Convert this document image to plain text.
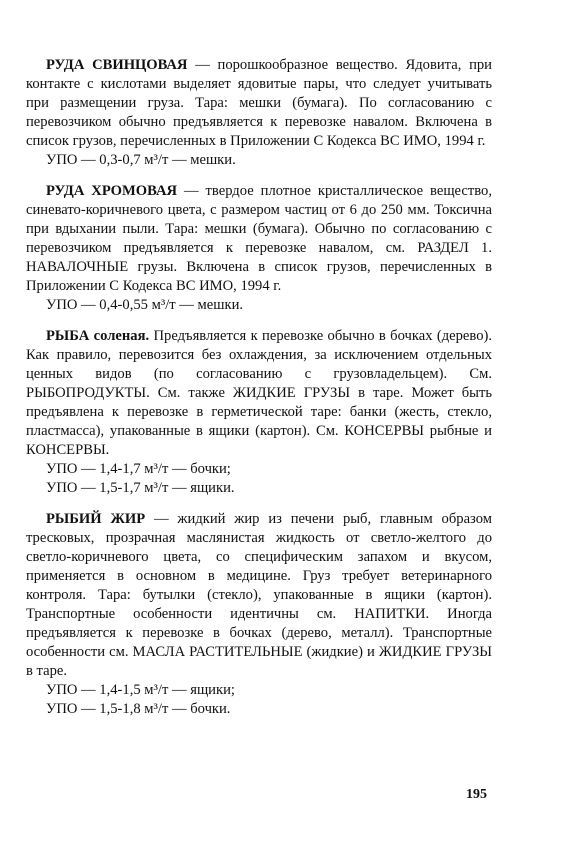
РУДА СВИНЦОВАЯ — порошкообразное вещество. Ядовита, при контакте с кислотами выделяет ядовитые пары, что следует учитывать при размещении груза. Тара: мешки (бумага). По согласованию с перевозчиком обычно предъявляется к перевозке навалом. Включена в список грузов, перечисленных в Приложении С Кодекса ВС ИМО, 1994 г.

УПО — 0,3-0,7 м³/т — мешки.

РУДА ХРОМОВАЯ — твердое плотное кристаллическое вещество, синевато-коричневого цвета, с размером частиц от 6 до 250 мм. Токсична при вдыхании пыли. Тара: мешки (бумага). Обычно по согласованию с перевозчиком предъявляется к перевозке навалом, см. РАЗДЕЛ 1. НАВАЛОЧНЫЕ грузы. Включена в список грузов, перечисленных в Приложении С Кодекса ВС ИМО, 1994 г.

УПО — 0,4-0,55 м³/т — мешки.

РЫБА соленая. Предъявляется к перевозке обычно в бочках (дерево). Как правило, перевозится без охлаждения, за исключением отдельных ценных видов (по согласованию с грузовладельцем). См. РЫБОПРОДУКТЫ. См. также ЖИДКИЕ ГРУЗЫ в таре. Может быть предъявлена к перевозке в герметической таре: банки (жесть, стекло, пластмасса), упакованные в ящики (картон). См. КОНСЕРВЫ рыбные и КОНСЕРВЫ.

УПО — 1,4-1,7 м³/т — бочки;

УПО — 1,5-1,7 м³/т — ящики.

РЫБИЙ ЖИР — жидкий жир из печени рыб, главным образом тресковых, прозрачная маслянистая жидкость от светло-желтого до светло-коричневого цвета, со специфическим запахом и вкусом, применяется в основном в медицине. Груз требует ветеринарного контроля. Тара: бутылки (стекло), упакованные в ящики (картон). Транспортные особенности идентичны см. НАПИТКИ. Иногда предъявляется к перевозке в бочках (дерево, металл). Транспортные особенности см. МАСЛА РАСТИТЕЛЬНЫЕ (жидкие) и ЖИДКИЕ ГРУЗЫ в таре.

УПО — 1,4-1,5 м³/т — ящики;

УПО — 1,5-1,8 м³/т — бочки.

195
